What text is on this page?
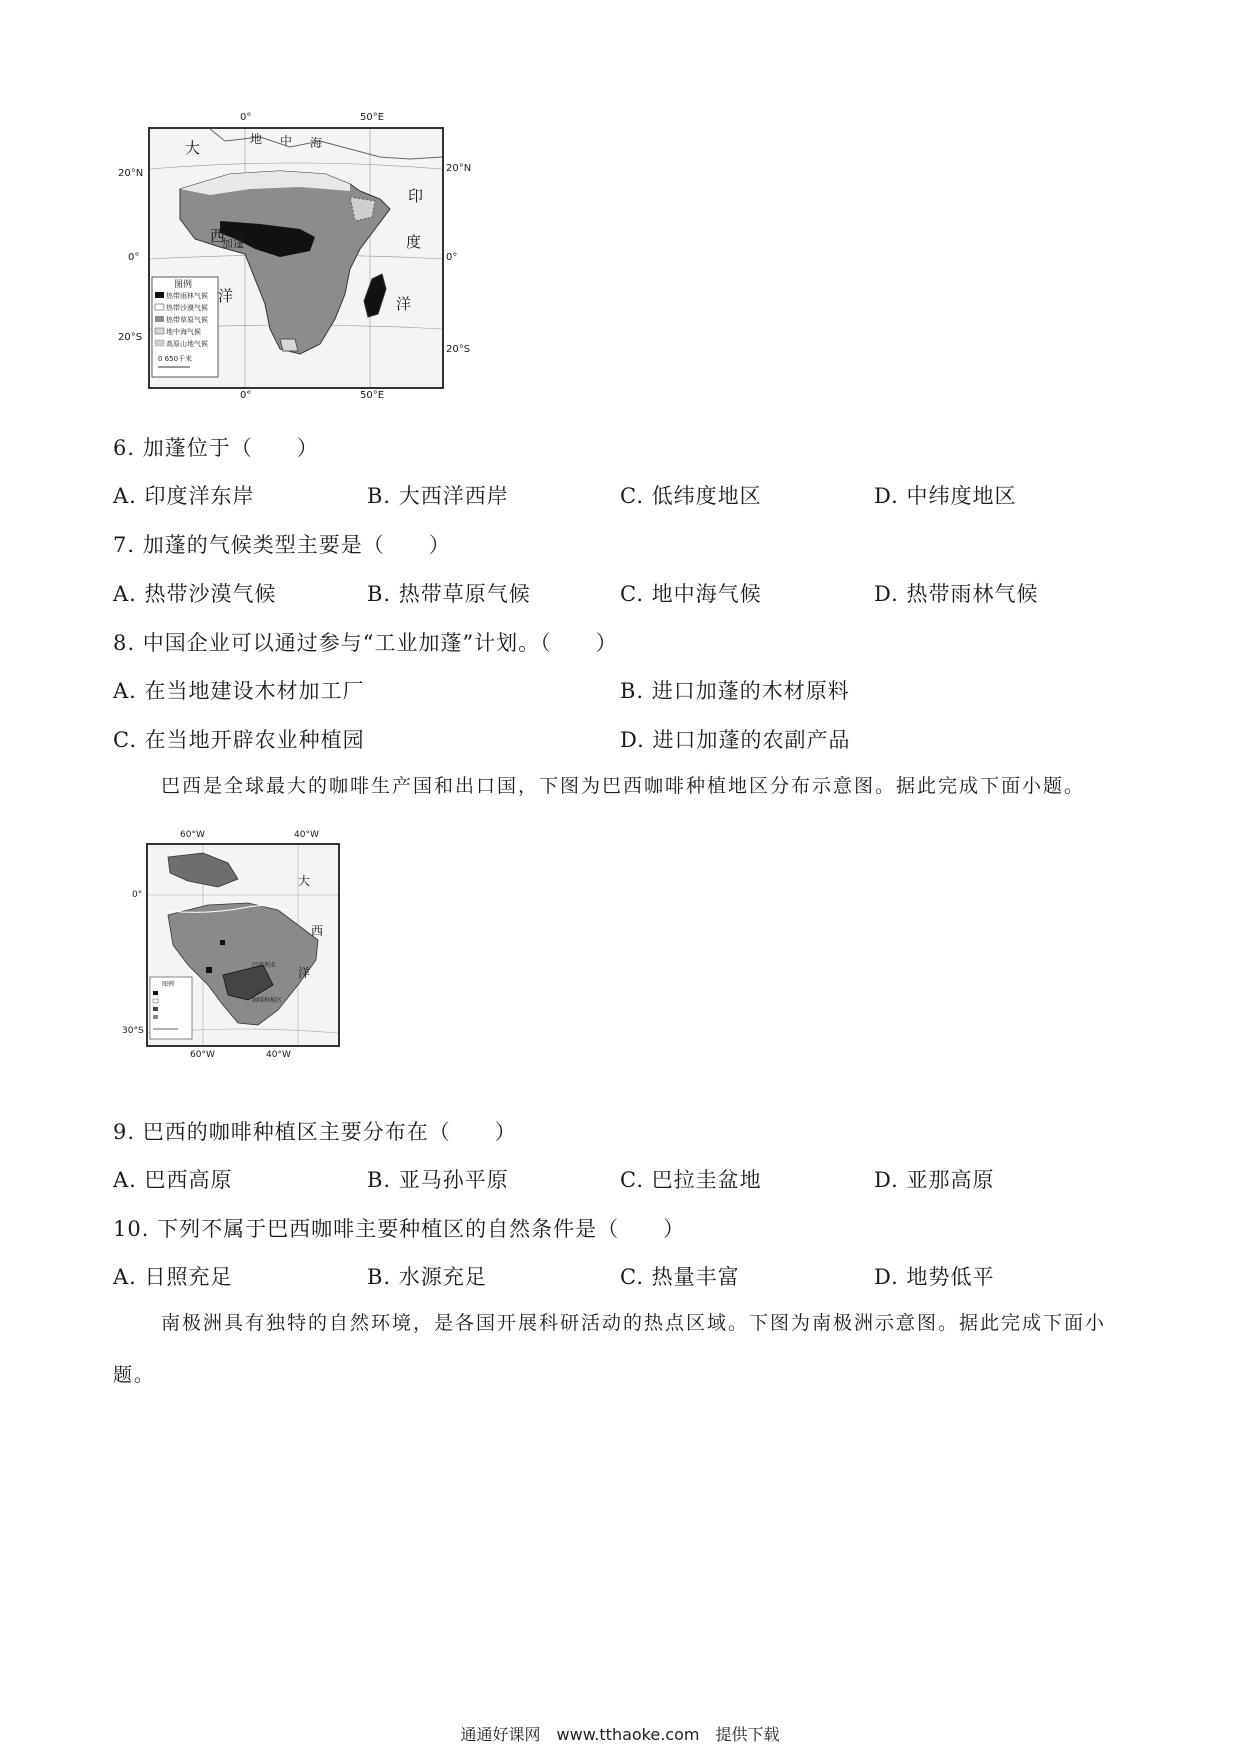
大
西
洋
印
度
洋
地 中 海
加蓬
图例
热带雨林气候
热带沙漠气候
热带草原气候
地中海气候
高原山地气候
0 650千米
0°	50°E
0°	50°E
20°N
0°
20°S
20°N
0°
20°S
6. 加蓬位于（　　）
A. 印度洋东岸	B. 大西洋西岸	C. 低纬度地区	D. 中纬度地区
7. 加蓬的气候类型主要是（　　）
A. 热带沙漠气候	B. 热带草原气候	C. 地中海气候	D. 热带雨林气候
8. 中国企业可以通过参与“工业加蓬”计划。（　　）
A. 在当地建设木材加工厂	B. 进口加蓬的木材原料
C. 在当地开辟农业种植园	D. 进口加蓬的农副产品
巴西是全球最大的咖啡生产国和出口国，下图为巴西咖啡种植地区分布示意图。据此完成下面小题。
大
西
洋
巴西利亚
咖啡种植区
图例
60°W	40°W
60°W	40°W
0°
30°S
9. 巴西的咖啡种植区主要分布在（　　）
A. 巴西高原	B. 亚马孙平原	C. 巴拉圭盆地	D. 亚那高原
10. 下列不属于巴西咖啡主要种植区的自然条件是（　　）
A. 日照充足	B. 水源充足	C. 热量丰富	D. 地势低平
南极洲具有独特的自然环境，是各国开展科研活动的热点区域。下图为南极洲示意图。据此完成下面小题。
通通好课网　www.tthaoke.com　提供下载
